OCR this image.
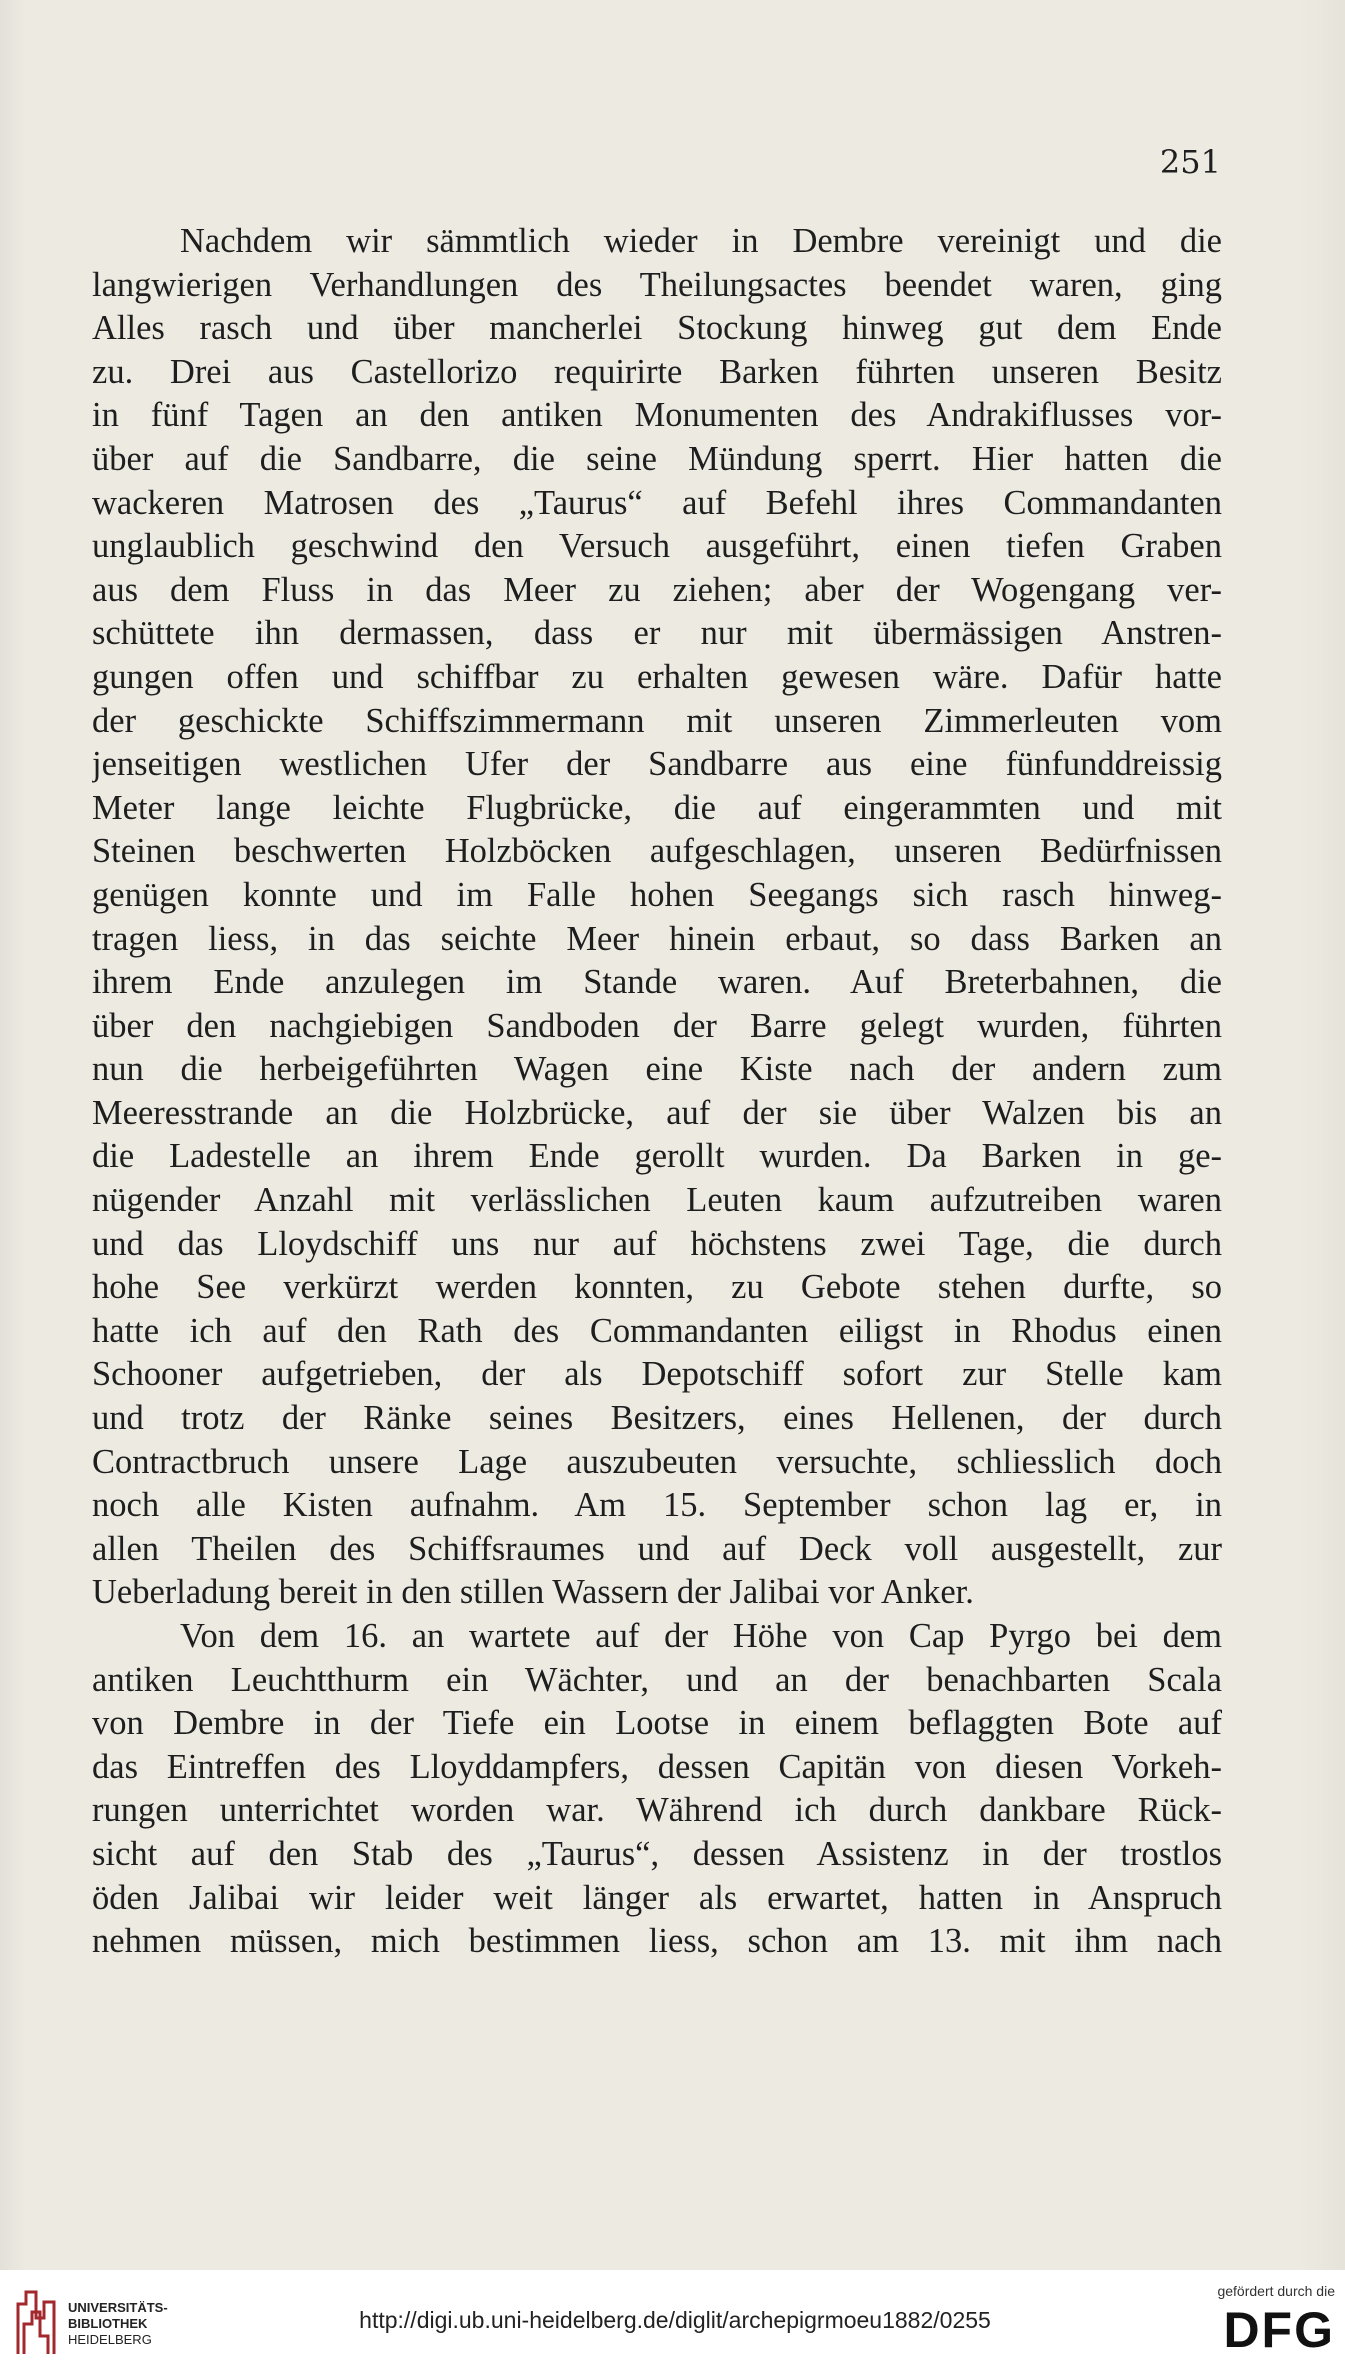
251
Nachdem wir sämmtlich wieder in Dembre vereinigt und die
langwierigen Verhandlungen des Theilungsactes beendet waren, ging
Alles rasch und über mancherlei Stockung hinweg gut dem Ende
zu. Drei aus Castellorizo requirirte Barken führten unseren Besitz
in fünf Tagen an den antiken Monumenten des Andrakiflusses vor-
über auf die Sandbarre, die seine Mündung sperrt. Hier hatten die
wackeren Matrosen des „Taurus“ auf Befehl ihres Commandanten
unglaublich geschwind den Versuch ausgeführt, einen tiefen Graben
aus dem Fluss in das Meer zu ziehen; aber der Wogengang ver-
schüttete ihn dermassen, dass er nur mit übermässigen Anstren-
gungen offen und schiffbar zu erhalten gewesen wäre. Dafür hatte
der geschickte Schiffszimmermann mit unseren Zimmerleuten vom
jenseitigen westlichen Ufer der Sandbarre aus eine fünfunddreissig
Meter lange leichte Flugbrücke, die auf eingerammten und mit
Steinen beschwerten Holzböcken aufgeschlagen, unseren Bedürfnissen
genügen konnte und im Falle hohen Seegangs sich rasch hinweg-
tragen liess, in das seichte Meer hinein erbaut, so dass Barken an
ihrem Ende anzulegen im Stande waren. Auf Breterbahnen, die
über den nachgiebigen Sandboden der Barre gelegt wurden, führten
nun die herbeigeführten Wagen eine Kiste nach der andern zum
Meeresstrande an die Holzbrücke, auf der sie über Walzen bis an
die Ladestelle an ihrem Ende gerollt wurden. Da Barken in ge-
nügender Anzahl mit verlässlichen Leuten kaum aufzutreiben waren
und das Lloydschiff uns nur auf höchstens zwei Tage, die durch
hohe See verkürzt werden konnten, zu Gebote stehen durfte, so
hatte ich auf den Rath des Commandanten eiligst in Rhodus einen
Schooner aufgetrieben, der als Depotschiff sofort zur Stelle kam
und trotz der Ränke seines Besitzers, eines Hellenen, der durch
Contractbruch unsere Lage auszubeuten versuchte, schliesslich doch
noch alle Kisten aufnahm. Am 15. September schon lag er, in
allen Theilen des Schiffsraumes und auf Deck voll ausgestellt, zur
Ueberladung bereit in den stillen Wassern der Jalibai vor Anker.
Von dem 16. an wartete auf der Höhe von Cap Pyrgo bei dem
antiken Leuchtthurm ein Wächter, und an der benachbarten Scala
von Dembre in der Tiefe ein Lootse in einem beflaggten Bote auf
das Eintreffen des Lloyddampfers, dessen Capitän von diesen Vorkeh-
rungen unterrichtet worden war. Während ich durch dankbare Rück-
sicht auf den Stab des „Taurus“, dessen Assistenz in der trostlos
öden Jalibai wir leider weit länger als erwartet, hatten in Anspruch
nehmen müssen, mich bestimmen liess, schon am 13. mit ihm nach
UNIVERSITÄTS-
BIBLIOTHEK
HEIDELBERG
http://digi.ub.uni-heidelberg.de/diglit/archepigrmoeu1882/0255
gefördert durch die
DFG
